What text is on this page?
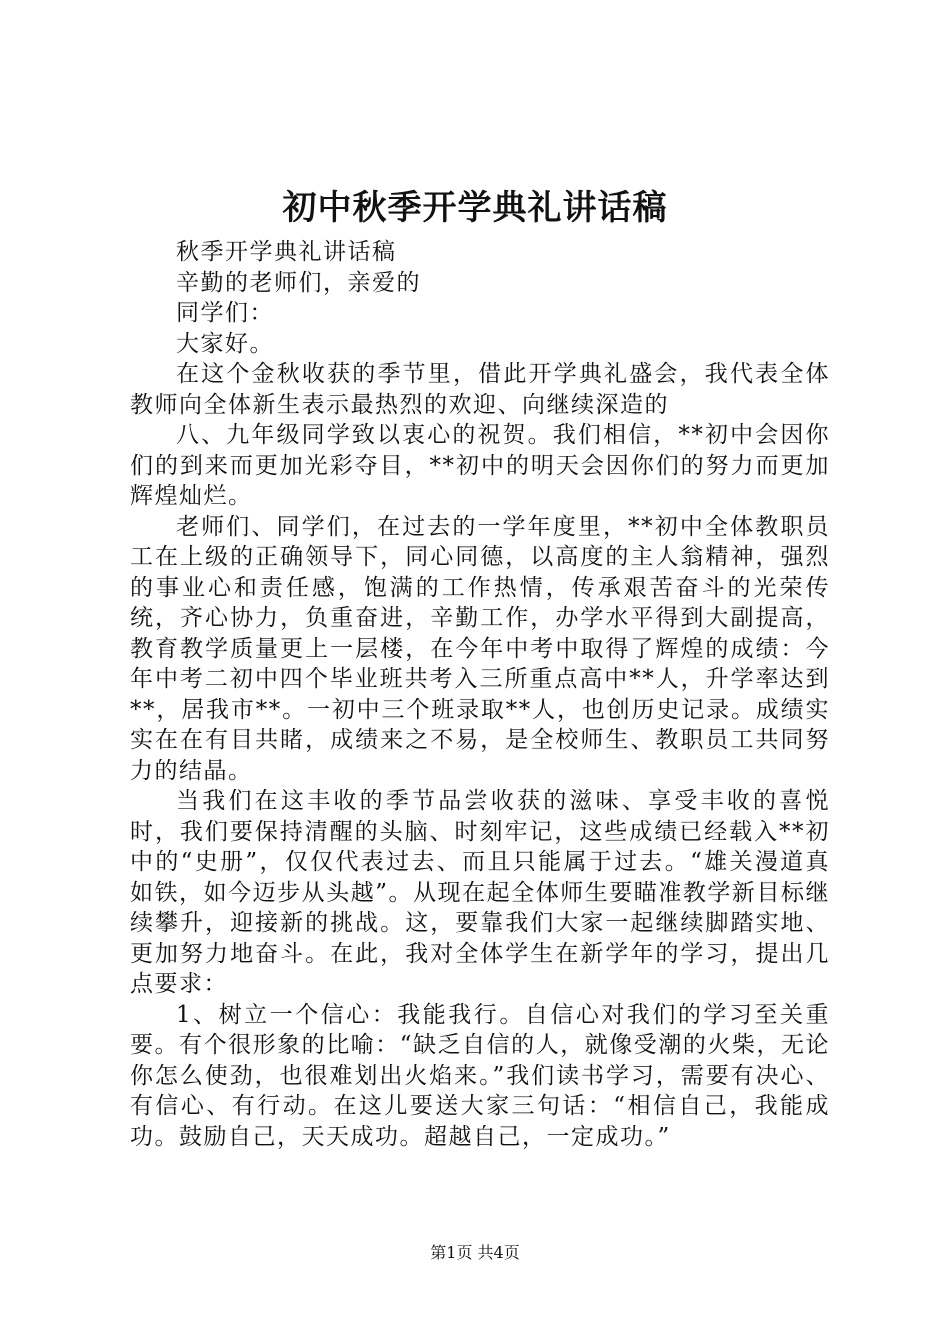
初中秋季开学典礼讲话稿

秋季开学典礼讲话稿

辛勤的老师们，亲爱的

同学们：

大家好。

在这个金秋收获的季节里，借此开学典礼盛会，我代表全体教师向全体新生表示最热烈的欢迎、向继续深造的

八、九年级同学致以衷心的祝贺。我们相信，**初中会因你们的到来而更加光彩夺目，**初中的明天会因你们的努力而更加辉煌灿烂。

老师们、同学们，在过去的一学年度里，**初中全体教职员工在上级的正确领导下，同心同德，以高度的主人翁精神，强烈的事业心和责任感，饱满的工作热情，传承艰苦奋斗的光荣传统，齐心协力，负重奋进，辛勤工作，办学水平得到大副提高，教育教学质量更上一层楼，在今年中考中取得了辉煌的成绩：今年中考二初中四个毕业班共考入三所重点高中**人，升学率达到**，居我市**。一初中三个班录取**人，也创历史记录。成绩实实在在有目共睹，成绩来之不易，是全校师生、教职员工共同努力的结晶。

当我们在这丰收的季节品尝收获的滋味、享受丰收的喜悦时，我们要保持清醒的头脑、时刻牢记，这些成绩已经载入**初中的“史册”，仅仅代表过去、而且只能属于过去。“雄关漫道真如铁，如今迈步从头越”。从现在起全体师生要瞄准教学新目标继续攀升，迎接新的挑战。这，要靠我们大家一起继续脚踏实地、更加努力地奋斗。在此，我对全体学生在新学年的学习，提出几点要求：

1、树立一个信心：我能我行。自信心对我们的学习至关重要。有个很形象的比喻：“缺乏自信的人，就像受潮的火柴，无论你怎么使劲，也很难划出火焰来。”我们读书学习，需要有决心、有信心、有行动。在这儿要送大家三句话：“相信自己，我能成功。鼓励自己，天天成功。超越自己，一定成功。”

第1页 共4页
